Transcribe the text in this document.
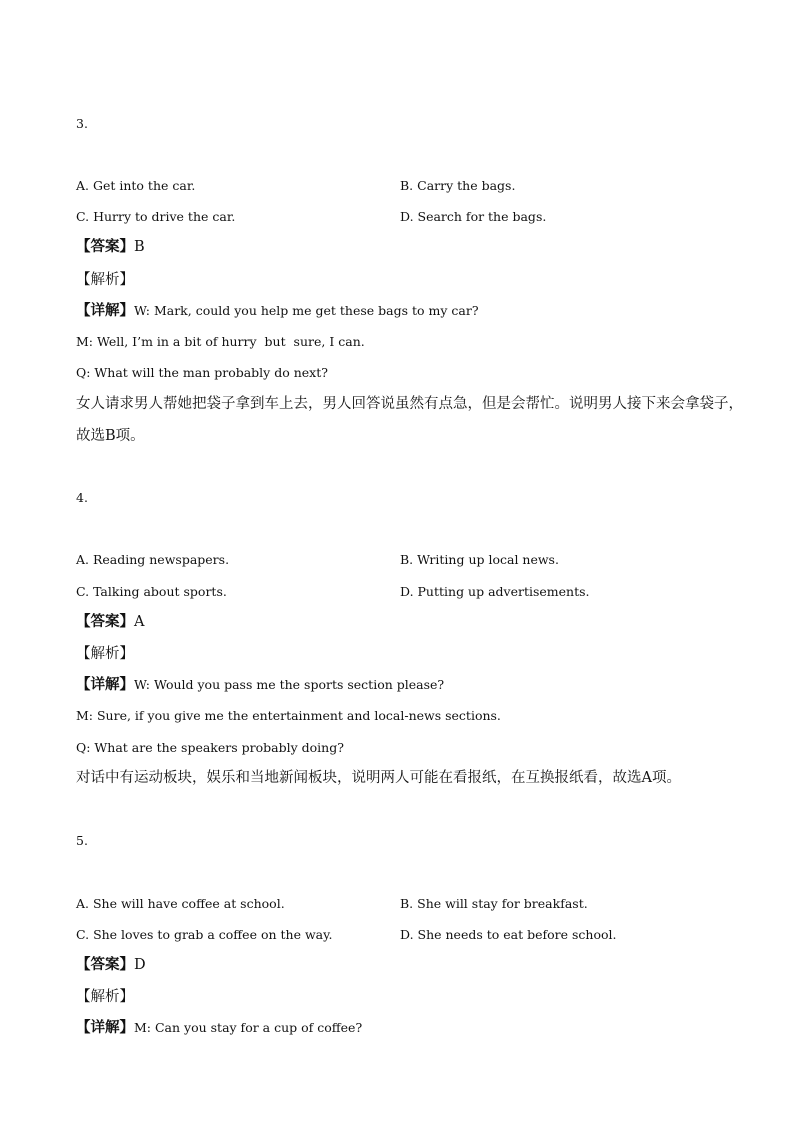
3.
A. Get into the car.	B. Carry the bags.
C. Hurry to drive the car.	D. Search for the bags.
【答案】B
【解析】
【详解】W: Mark, could you help me get these bags to my car?
M: Well, I’m in a bit of hurry  but  sure, I can.
Q: What will the man probably do next?
女人请求男人帮她把袋子拿到车上去，男人回答说虽然有点急，但是会帮忙。说明男人接下来会拿袋子，
故选B项。
4.
A. Reading newspapers.	B. Writing up local news.
C. Talking about sports.	D. Putting up advertisements.
【答案】A
【解析】
【详解】W: Would you pass me the sports section please?
M: Sure, if you give me the entertainment and local-news sections.
Q: What are the speakers probably doing?
对话中有运动板块，娱乐和当地新闻板块，说明两人可能在看报纸，在互换报纸看，故选A项。
5.
A. She will have coffee at school.	B. She will stay for breakfast.
C. She loves to grab a coffee on the way.	D. She needs to eat before school.
【答案】D
【解析】
【详解】M: Can you stay for a cup of coffee?
